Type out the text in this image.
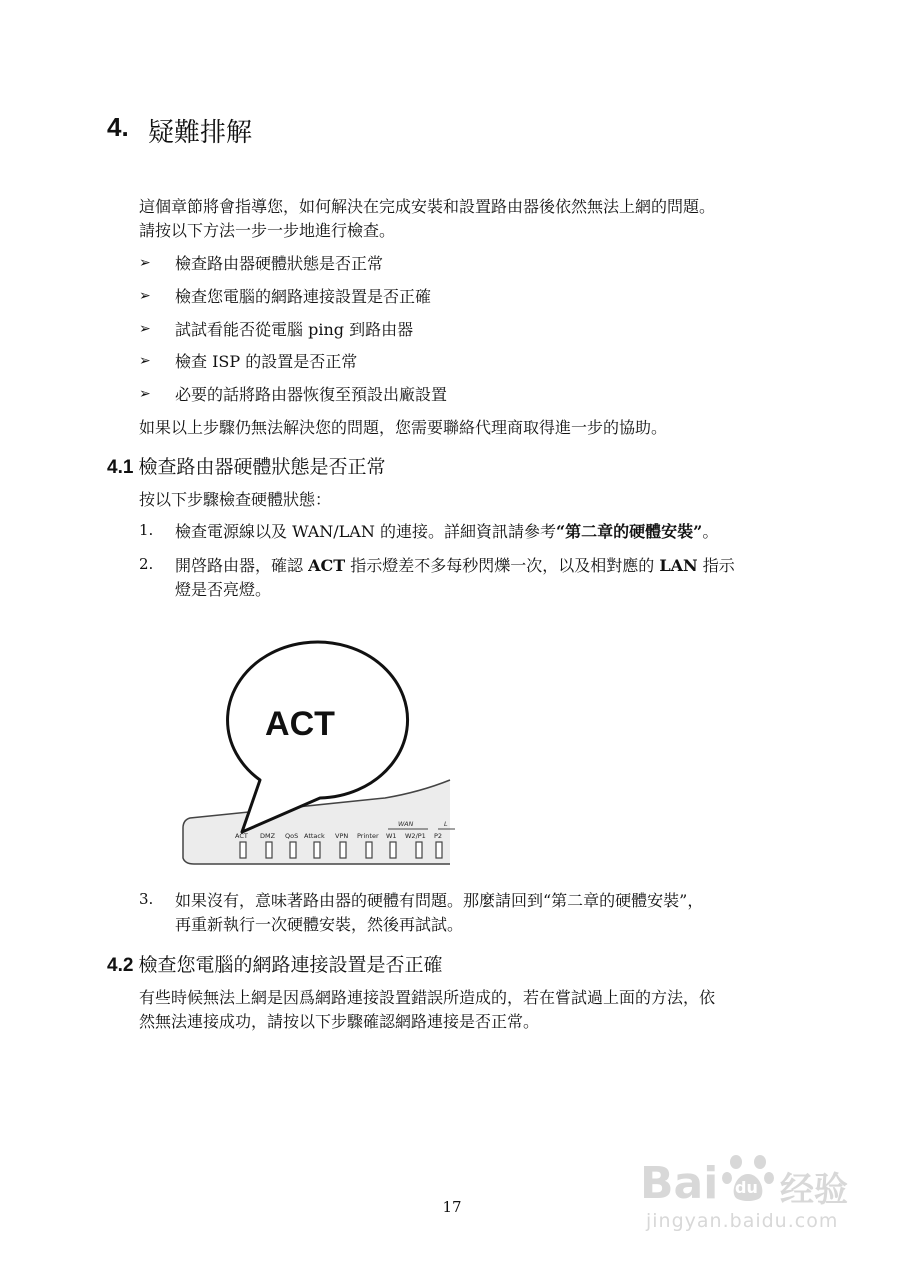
4. 疑難排解
這個章節將會指導您，如何解決在完成安裝和設置路由器後依然無法上網的問題。
請按以下方法一步一步地進行檢查。
➢ 檢查路由器硬體狀態是否正常
➢ 檢查您電腦的網路連接設置是否正確
➢ 試試看能否從電腦 ping 到路由器
➢ 檢查 ISP 的設置是否正常
➢ 必要的話將路由器恢復至預設出廠設置
如果以上步驟仍無法解決您的問題，您需要聯絡代理商取得進一步的協助。
4.1 檢查路由器硬體狀態是否正常
按以下步驟檢查硬體狀態：
1. 檢查電源線以及 WAN/LAN 的連接。詳細資訊請參考“第二章的硬體安裝”。
2. 開啓路由器，確認 ACT 指示燈差不多每秒閃爍一次，以及相對應的 LAN 指示
燈是否亮燈。
WAN	L
ACT DMZ QoS Attack VPN Printer W1 W2/P1 P2
ACT
3. 如果沒有，意味著路由器的硬體有問題。那麼請回到“第二章的硬體安裝”，
再重新執行一次硬體安裝，然後再試試。
4.2 檢查您電腦的網路連接設置是否正確
有些時候無法上網是因爲網路連接設置錯誤所造成的，若在嘗試過上面的方法，依
然無法連接成功，請按以下步驟確認網路連接是否正常。
17	Bai du 经验
jingyan.baidu.com
